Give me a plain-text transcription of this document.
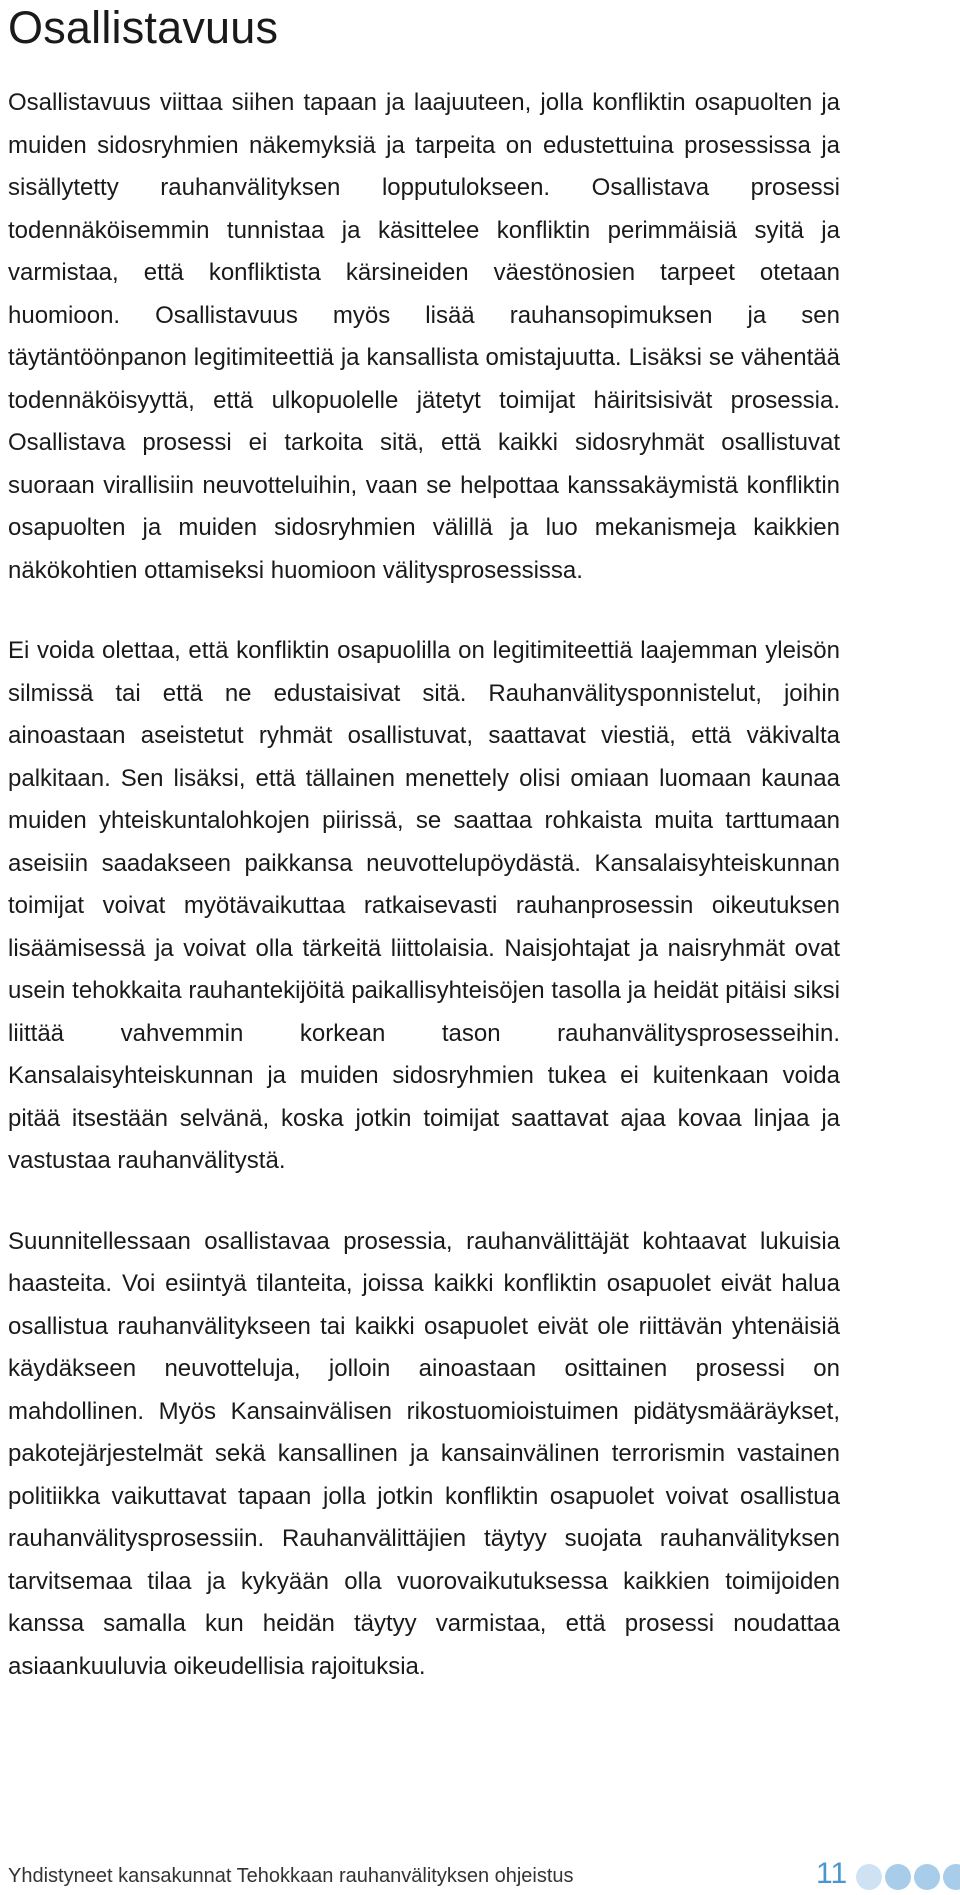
Osallistavuus

Osallistavuus viittaa siihen tapaan ja laajuuteen, jolla konfliktin osapuolten ja muiden sidosryhmien näkemyksiä ja tarpeita on edustettuina prosessissa ja sisällytetty rauhanvälityksen lopputulokseen. Osallistava prosessi todennäköisemmin tunnistaa ja käsittelee konfliktin perimmäisiä syitä ja varmistaa, että konfliktista kärsineiden väestönosien tarpeet otetaan huomioon. Osallistavuus myös lisää rauhansopimuksen ja sen täytäntöönpanon legitimiteettiä ja kansallista omistajuutta. Lisäksi se vähentää todennäköisyyttä, että ulkopuolelle jätetyt toimijat häiritsisivät prosessia. Osallistava prosessi ei tarkoita sitä, että kaikki sidosryhmät osallistuvat suoraan virallisiin neuvotteluihin, vaan se helpottaa kanssakäymistä konfliktin osapuolten ja muiden sidosryhmien välillä ja luo mekanismeja kaikkien näkökohtien ottamiseksi huomioon välitysprosessissa.

Ei voida olettaa, että konfliktin osapuolilla on legitimiteettiä laajemman yleisön silmissä tai että ne edustaisivat sitä. Rauhanvälitysponnistelut, joihin ainoastaan aseistetut ryhmät osallistuvat, saattavat viestiä, että väkivalta palkitaan. Sen lisäksi, että tällainen menettely olisi omiaan luomaan kaunaa muiden yhteiskuntalohkojen piirissä, se saattaa rohkaista muita tarttumaan aseisiin saadakseen paikkansa neuvottelupöydästä. Kansalaisyhteiskunnan toimijat voivat myötävaikuttaa ratkaisevasti rauhanprosessin oikeutuksen lisäämisessä ja voivat olla tärkeitä liittolaisia. Naisjohtajat ja naisryhmät ovat usein tehokkaita rauhantekijöitä paikallisyhteisöjen tasolla ja heidät pitäisi siksi liittää vahvemmin korkean tason rauhanvälitysprosesseihin. Kansalaisyhteiskunnan ja muiden sidosryhmien tukea ei kuitenkaan voida pitää itsestään selvänä, koska jotkin toimijat saattavat ajaa kovaa linjaa ja vastustaa rauhanvälitystä.

Suunnitellessaan osallistavaa prosessia, rauhanvälittäjät kohtaavat lukuisia haasteita. Voi esiintyä tilanteita, joissa kaikki konfliktin osapuolet eivät halua osallistua rauhanvälitykseen tai kaikki osapuolet eivät ole riittävän yhtenäisiä käydäkseen neuvotteluja, jolloin ainoastaan osittainen prosessi on mahdollinen. Myös Kansainvälisen rikostuomioistuimen pidätysmääräykset, pakotejärjestelmät sekä kansallinen ja kansainvälinen terrorismin vastainen politiikka vaikuttavat tapaan jolla jotkin konfliktin osapuolet voivat osallistua rauhanvälitysprosessiin. Rauhanvälittäjien täytyy suojata rauhanvälityksen tarvitsemaa tilaa ja kykyään olla vuorovaikutuksessa kaikkien toimijoiden kanssa samalla kun heidän täytyy varmistaa, että prosessi noudattaa asiaankuuluvia oikeudellisia rajoituksia.

Yhdistyneet kansakunnat Tehokkaan rauhanvälityksen ohjeistus	11
